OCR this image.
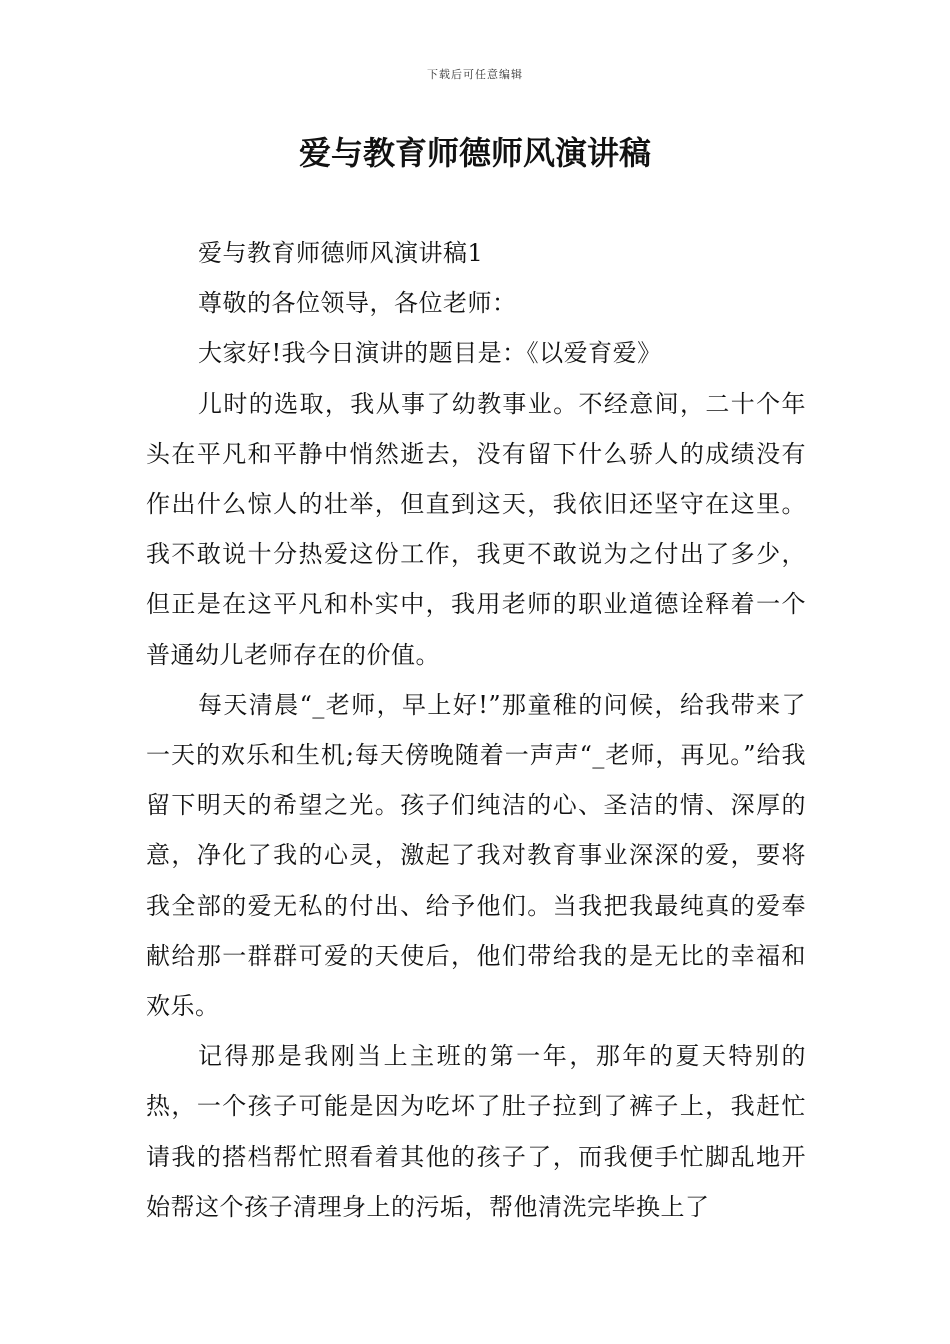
下载后可任意编辑
爱与教育师德师风演讲稿

爱与教育师德师风演讲稿1

尊敬的各位领导，各位老师：

大家好!我今日演讲的题目是：《以爱育爱》

儿时的选取，我从事了幼教事业。不经意间，二十个年头在平凡和平静中悄然逝去，没有留下什么骄人的成绩没有作出什么惊人的壮举，但直到这天，我依旧还坚守在这里。我不敢说十分热爱这份工作，我更不敢说为之付出了多少，但正是在这平凡和朴实中，我用老师的职业道德诠释着一个普通幼儿老师存在的价值。

每天清晨“_老师，早上好!”那童稚的问候，给我带来了一天的欢乐和生机;每天傍晚随着一声声“_老师，再见。”给我留下明天的希望之光。孩子们纯洁的心、圣洁的情、深厚的意，净化了我的心灵，激起了我对教育事业深深的爱，要将我全部的爱无私的付出、给予他们。当我把我最纯真的爱奉献给那一群群可爱的天使后，他们带给我的是无比的幸福和欢乐。

记得那是我刚当上主班的第一年，那年的夏天特别的热，一个孩子可能是因为吃坏了肚子拉到了裤子上，我赶忙请我的搭档帮忙照看着其他的孩子了，而我便手忙脚乱地开始帮这个孩子清理身上的污垢，帮他清洗完毕换上了
